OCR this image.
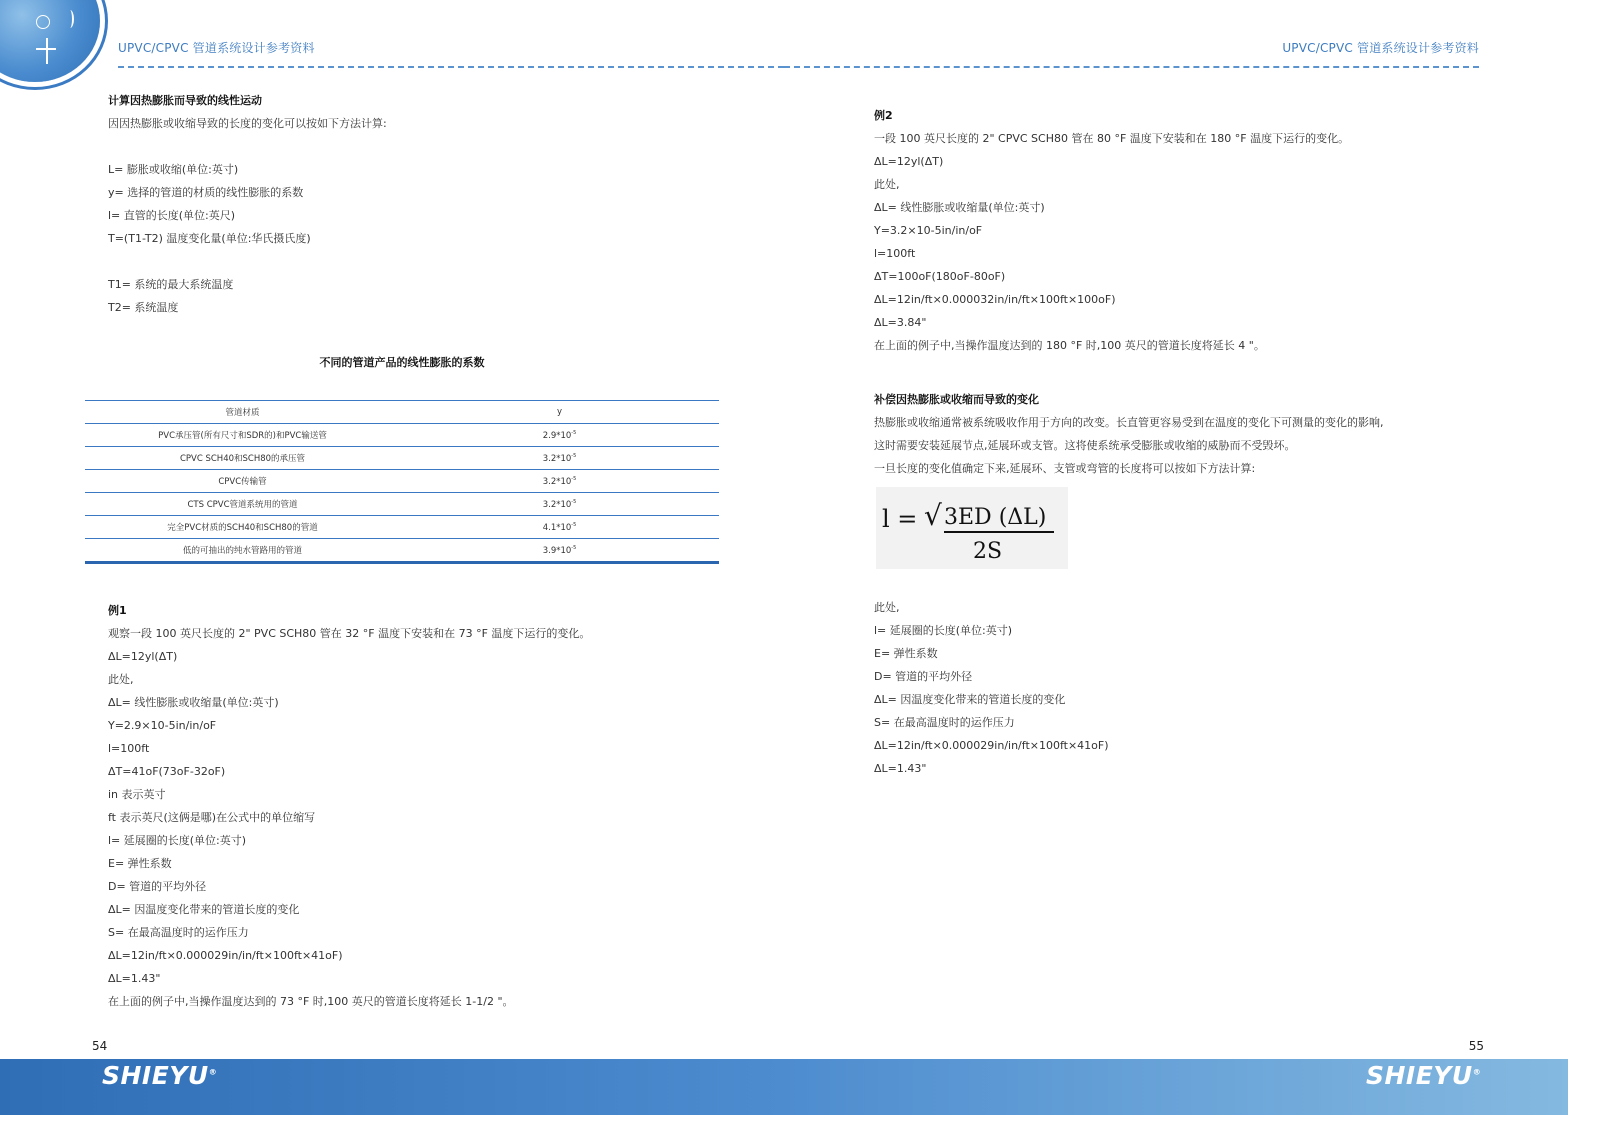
UPVC/CPVC 管道系统设计参考资料
计算因热膨胀而导致的线性运动
因因热膨胀或收缩导致的长度的变化可以按如下方法计算:
L= 膨胀或收缩(单位:英寸)
y= 选择的管道的材质的线性膨胀的系数
l= 直管的长度(单位:英尺)
T=(T1-T2) 温度变化量(单位:华氏摄氏度)
T1= 系统的最大系统温度
T2= 系统温度
不同的管道产品的线性膨胀的系数
管道材质	y
PVC承压管(所有尺寸和SDR的)和PVC输送管	$2.9*10^{-5}$
CPVC SCH40和SCH80的承压管	$3.2*10^{-5}$
CPVC传输管	$3.2*10^{-5}$
CTS CPVC管道系统用的管道	$3.2*10^{-5}$
完全PVC材质的SCH40和SCH80的管道	$4.1*10^{-5}$
低的可抽出的纯水管路用的管道	$3.9*10^{-5}$
例1
观察一段 100 英尺长度的 2" PVC SCH80 管在 32 °F 温度下安装和在 73 °F 温度下运行的变化。
ΔL=12yl(ΔT)
此处,
ΔL= 线性膨胀或收缩量(单位:英寸)
Y=2.9×10-5in/in/oF
l=100ft
ΔT=41oF(73oF-32oF)
in 表示英寸
ft 表示英尺(这俩是哪)在公式中的单位缩写
l= 延展圈的长度(单位:英寸)
E= 弹性系数
D= 管道的平均外径
ΔL= 因温度变化带来的管道长度的变化
S= 在最高温度时的运作压力
ΔL=12in/ft×0.000029in/in/ft×100ft×41oF)
ΔL=1.43"
在上面的例子中,当操作温度达到的 73 °F 时,100 英尺的管道长度将延长 1-1/2 "。
54
UPVC/CPVC 管道系统设计参考资料
例2
一段 100 英尺长度的 2" CPVC SCH80 管在 80 °F 温度下安装和在 180 °F 温度下运行的变化。
ΔL=12yl(ΔT)
此处,
ΔL= 线性膨胀或收缩量(单位:英寸)
Y=3.2×10-5in/in/oF
l=100ft
ΔT=100oF(180oF-80oF)
ΔL=12in/ft×0.000032in/in/ft×100ft×100oF)
ΔL=3.84"
在上面的例子中,当操作温度达到的 180 °F 时,100 英尺的管道长度将延长 4 "。
补偿因热膨胀或收缩而导致的变化
热膨胀或收缩通常被系统吸收作用于方向的改变。长直管更容易受到在温度的变化下可测量的变化的影响,
这时需要安装延展节点,延展环或支管。这将使系统承受膨胀或收缩的威胁而不受毁坏。
一旦长度的变化值确定下来,延展环、支管或弯管的长度将可以按如下方法计算:
l = √ 3ED (ΔL)
2S
此处,
l= 延展圈的长度(单位:英寸)
E= 弹性系数
D= 管道的平均外径
ΔL= 因温度变化带来的管道长度的变化
S= 在最高温度时的运作压力
ΔL=12in/ft×0.000029in/in/ft×100ft×41oF)
ΔL=1.43"
55
SHIEYU®	SHIEYU®
